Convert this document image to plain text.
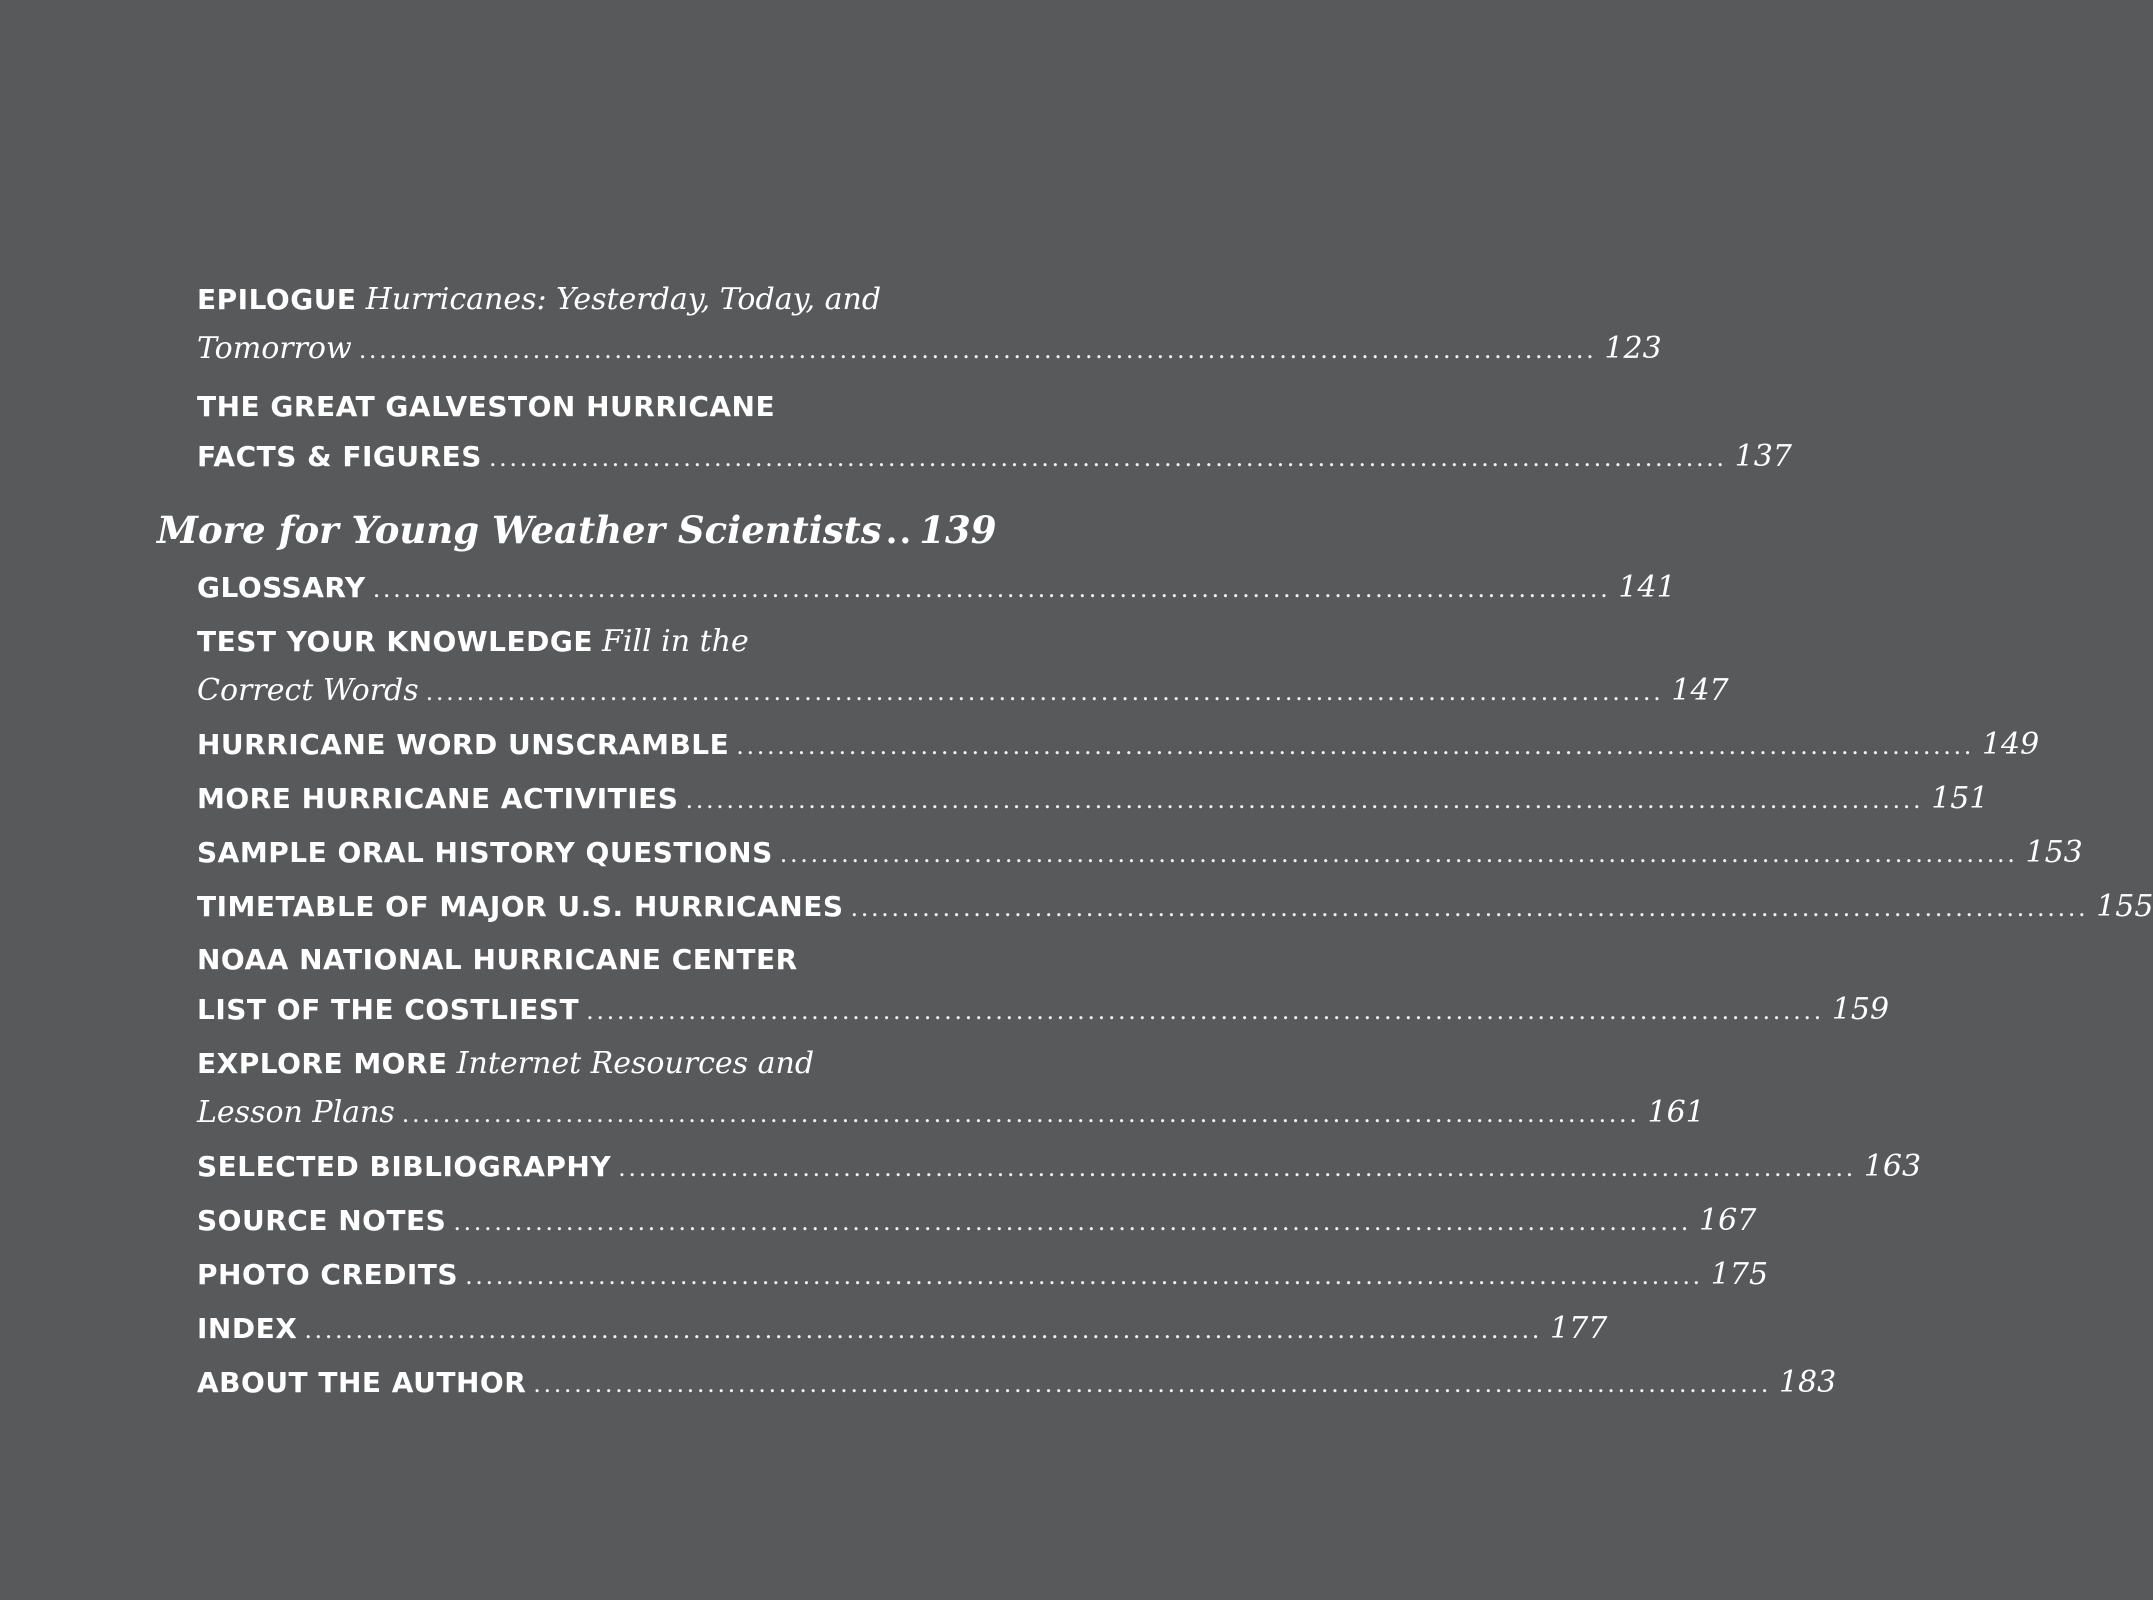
EPILOGUE Hurricanes: Yesterday, Today, and
Tomorrow .....	123
THE GREAT GALVESTON HURRICANE
FACTS & FIGURES .....	137
More for Young Weather Scientists .. 139
GLOSSARY .....	141
TEST YOUR KNOWLEDGE Fill in the
Correct Words .....	147
HURRICANE WORD UNSCRAMBLE .....	149
MORE HURRICANE ACTIVITIES .....	151
SAMPLE ORAL HISTORY QUESTIONS .....	153
TIMETABLE OF MAJOR U.S. HURRICANES .....	155
NOAA NATIONAL HURRICANE CENTER
LIST OF THE COSTLIEST .....	159
EXPLORE MORE Internet Resources and
Lesson Plans .....	161
SELECTED BIBLIOGRAPHY .....	163
SOURCE NOTES .....	167
PHOTO CREDITS .....	175
INDEX .....	177
ABOUT THE AUTHOR .....	183
